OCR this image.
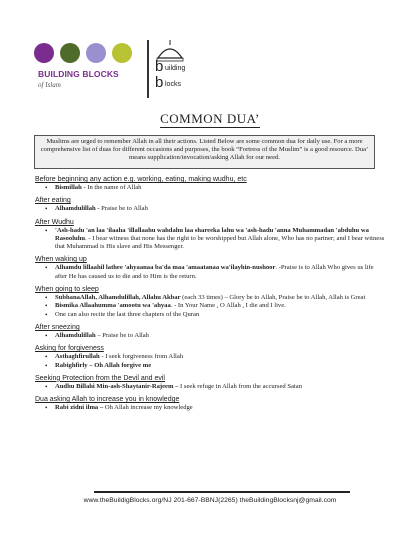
BUILDING BLOCKS
of Islam
b uilding
b locks
COMMON DUA’
Muslims are urged to remember Allah in all their actions. Listed Below are some common dua for daily use. For a more comprehensive list of duas for different occasions and purposes, the book “Fortress of the Muslim” is a good resource. Dua’ means supplication/invocation/asking Allah for our need.
Before beginning any action e.g. working, eating, making wudhu, etc
• Bismillah - In the name of Allah
After eating
• Alhamdulillah - Praise be to Allah
After Wudhu
• 'Ash-hadu 'an laa 'ilaaha 'illallaahu wahdahu laa shareeka lahu wa 'ash-hadu 'anna Muhammadan 'abduhu wa Rasooluhu. - I bear witness that none has the right to be worshipped but Allah alone, Who has no partner; and I bear witness that Muhammad is His slave and His Messenger.
When waking up
• Alhamdu lillaahil lathee 'ahyaanaa ba'da maa 'amaatanaa wa'ilayhin-nushoor. -Praise is to Allah Who gives us life after He has caused us to die and to Him is the return.
When going to sleep
• SubhanaAllah, Alhamdulillah, Allahu Akbar (each 33 times) – Glory be to Allah, Praise be to Allah, Allah is Great
• Bismika Allaahumma 'amootu wa 'ahyaa. - In Your Name , O Allah , I die and I live.
• One can also recite the last three chapters of the Quran
After sneezing
• Alhamdulillah – Praise be to Allah
Asking for forgiveness
• Asthaghfirullah - I seek forgiveness from Allah
• Rabighfirly – Oh Allah forgive me
Seeking Protection from the Devil and evil
• Audhu Billahi Min-ash-Shaytanir-Rajeem – I seek refuge in Allah from the accursed Satan
Dua asking Allah to increase you in knowledge
• Rabi zidni ilma – Oh Allah increase my knowledge
www.theBuildigBlocks.org/NJ 201-667-BBNJ(2265) theBuildingBlocksnj@gmail.com
